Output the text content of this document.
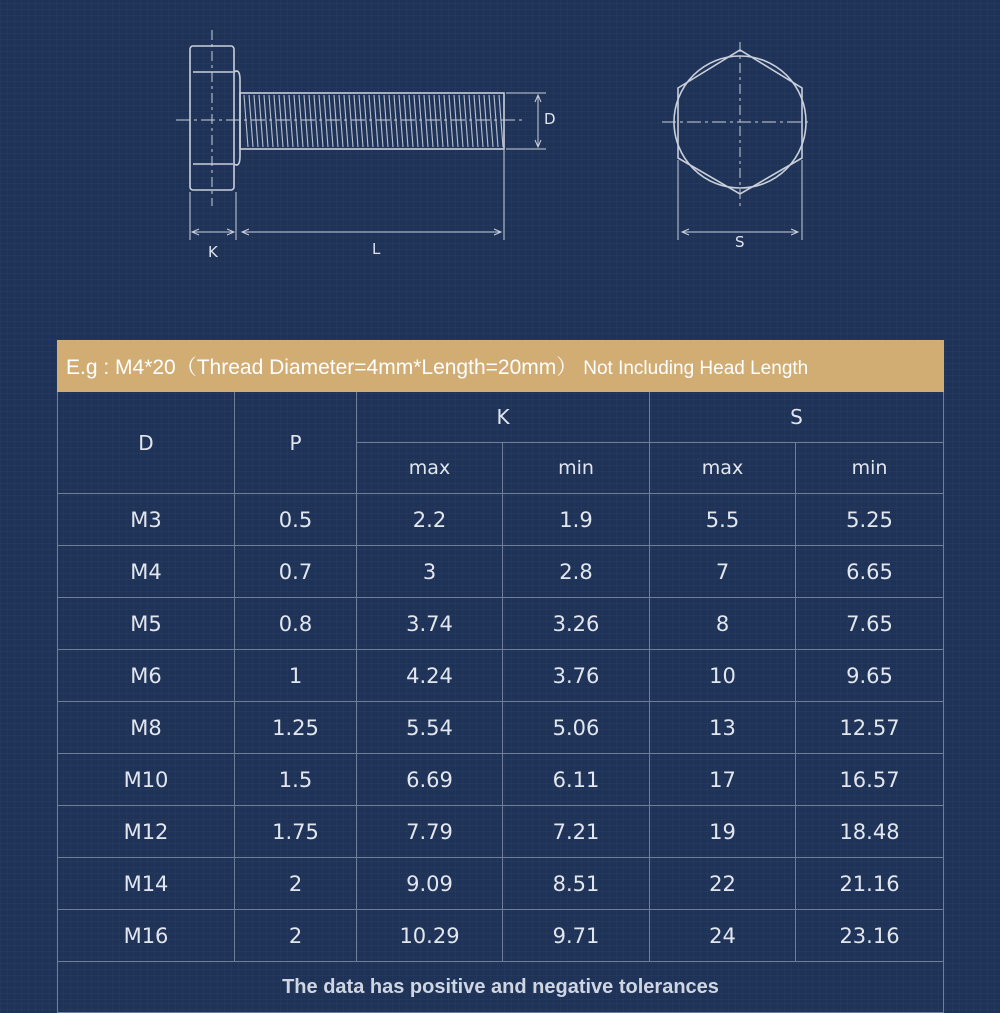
D
K	L	S
E.g : M4*20（Thread Diameter=4mm*Length=20mm） Not Including Head Length					
D	P	K		S	
		max	min	max	min
M3	0.5	2.2	1.9	5.5	5.25
M4	0.7	3	2.8	7	6.65
M5	0.8	3.74	3.26	8	7.65
M6	1	4.24	3.76	10	9.65
M8	1.25	5.54	5.06	13	12.57
M10	1.5	6.69	6.11	17	16.57
M12	1.75	7.79	7.21	19	18.48
M14	2	9.09	8.51	22	21.16
M16	2	10.29	9.71	24	23.16
The data has positive and negative tolerances					
